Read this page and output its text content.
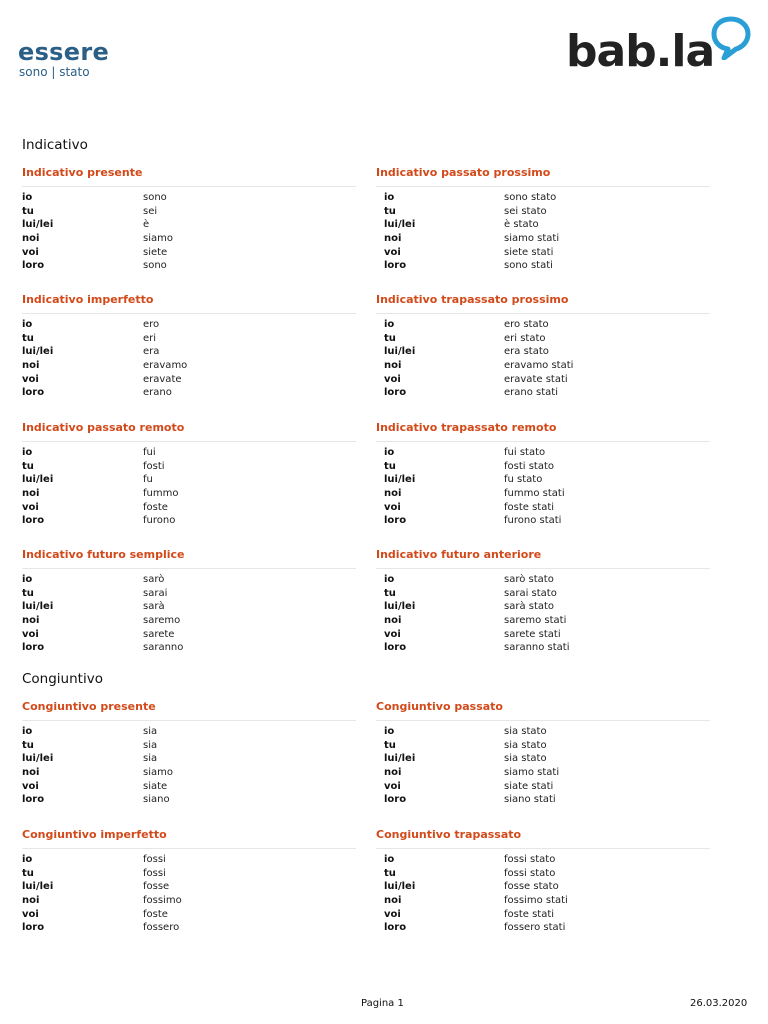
essere
sono | stato	bab.la
Indicativo
Congiuntivo
Indicativo presente
io	sono
tu	sei
lui/lei	è
noi	siamo
voi	siete
loro	sono
Indicativo passato prossimo
io	sono stato
tu	sei stato
lui/lei	è stato
noi	siamo stati
voi	siete stati
loro	sono stati
Indicativo imperfetto
io	ero
tu	eri
lui/lei	era
noi	eravamo
voi	eravate
loro	erano
Indicativo trapassato prossimo
io	ero stato
tu	eri stato
lui/lei	era stato
noi	eravamo stati
voi	eravate stati
loro	erano stati
Indicativo passato remoto
io	fui
tu	fosti
lui/lei	fu
noi	fummo
voi	foste
loro	furono
Indicativo trapassato remoto
io	fui stato
tu	fosti stato
lui/lei	fu stato
noi	fummo stati
voi	foste stati
loro	furono stati
Indicativo futuro semplice
io	sarò
tu	sarai
lui/lei	sarà
noi	saremo
voi	sarete
loro	saranno
Indicativo futuro anteriore
io	sarò stato
tu	sarai stato
lui/lei	sarà stato
noi	saremo stati
voi	sarete stati
loro	saranno stati
Congiuntivo presente
io	sia
tu	sia
lui/lei	sia
noi	siamo
voi	siate
loro	siano
Congiuntivo passato
io	sia stato
tu	sia stato
lui/lei	sia stato
noi	siamo stati
voi	siate stati
loro	siano stati
Congiuntivo imperfetto
io	fossi
tu	fossi
lui/lei	fosse
noi	fossimo
voi	foste
loro	fossero
Congiuntivo trapassato
io	fossi stato
tu	fossi stato
lui/lei	fosse stato
noi	fossimo stati
voi	foste stati
loro	fossero stati
Pagina 1	26.03.2020
